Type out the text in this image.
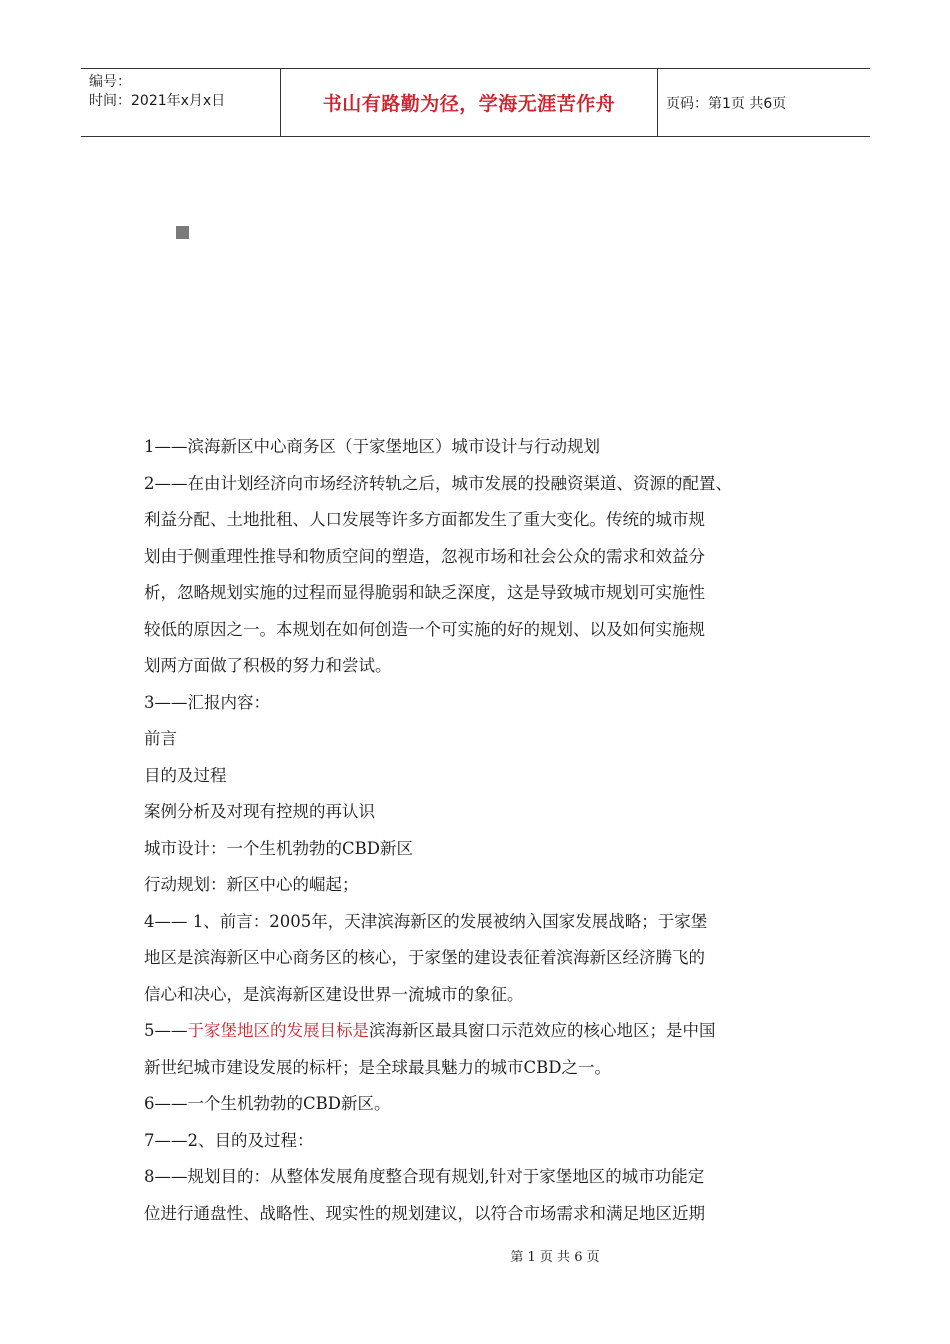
编号：
时间：2021年x月x日	书山有路勤为径，学海无涯苦作舟	页码：第1页 共6页
1——滨海新区中心商务区（于家堡地区）城市设计与行动规划
2——在由计划经济向市场经济转轨之后，城市发展的投融资渠道、资源的配置、
利益分配、土地批租、人口发展等许多方面都发生了重大变化。传统的城市规
划由于侧重理性推导和物质空间的塑造，忽视市场和社会公众的需求和效益分
析，忽略规划实施的过程而显得脆弱和缺乏深度，这是导致城市规划可实施性
较低的原因之一。本规划在如何创造一个可实施的好的规划、以及如何实施规
划两方面做了积极的努力和尝试。
3——汇报内容：
前言
目的及过程
案例分析及对现有控规的再认识
城市设计：一个生机勃勃的CBD新区
行动规划：新区中心的崛起；
4—— 1、前言：2005年，天津滨海新区的发展被纳入国家发展战略；于家堡
地区是滨海新区中心商务区的核心，于家堡的建设表征着滨海新区经济腾飞的
信心和决心，是滨海新区建设世界一流城市的象征。
5——于家堡地区的发展目标是滨海新区最具窗口示范效应的核心地区；是中国
新世纪城市建设发展的标杆；是全球最具魅力的城市CBD之一。
6——一个生机勃勃的CBD新区。
7——2、目的及过程：
8——规划目的：从整体发展角度整合现有规划,针对于家堡地区的城市功能定
位进行通盘性、战略性、现实性的规划建议，以符合市场需求和满足地区近期
第 1 页 共 6 页
